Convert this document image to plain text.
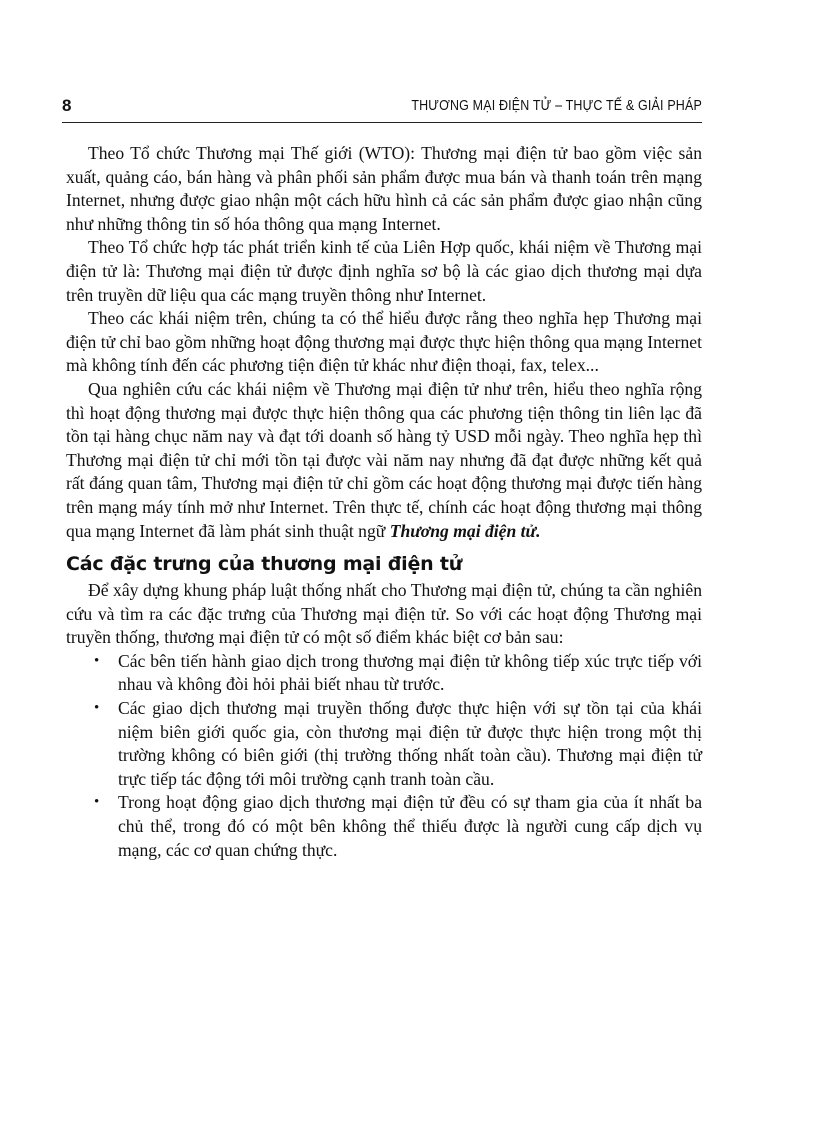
8	THƯƠNG MẠI ĐIỆN TỬ – THỰC TẾ & GIẢI PHÁP

Theo Tổ chức Thương mại Thế giới (WTO): Thương mại điện tử bao gồm việc sản xuất, quảng cáo, bán hàng và phân phối sản phẩm được mua bán và thanh toán trên mạng Internet, nhưng được giao nhận một cách hữu hình cả các sản phẩm được giao nhận cũng như những thông tin số hóa thông qua mạng Internet.

Theo Tổ chức hợp tác phát triển kinh tế của Liên Hợp quốc, khái niệm về Thương mại điện tử là: Thương mại điện tử được định nghĩa sơ bộ là các giao dịch thương mại dựa trên truyền dữ liệu qua các mạng truyền thông như Internet.

Theo các khái niệm trên, chúng ta có thể hiểu được rằng theo nghĩa hẹp Thương mại điện tử chỉ bao gồm những hoạt động thương mại được thực hiện thông qua mạng Internet mà không tính đến các phương tiện điện tử khác như điện thoại, fax, telex...

Qua nghiên cứu các khái niệm về Thương mại điện tử như trên, hiểu theo nghĩa rộng thì hoạt động thương mại được thực hiện thông qua các phương tiện thông tin liên lạc đã tồn tại hàng chục năm nay và đạt tới doanh số hàng tỷ USD mỗi ngày. Theo nghĩa hẹp thì Thương mại điện tử chỉ mới tồn tại được vài năm nay nhưng đã đạt được những kết quả rất đáng quan tâm, Thương mại điện tử chỉ gồm các hoạt động thương mại được tiến hàng trên mạng máy tính mở như Internet. Trên thực tế, chính các hoạt động thương mại thông qua mạng Internet đã làm phát sinh thuật ngữ Thương mại điện tử.

Các đặc trưng của thương mại điện tử

Để xây dựng khung pháp luật thống nhất cho Thương mại điện tử, chúng ta cần nghiên cứu và tìm ra các đặc trưng của Thương mại điện tử. So với các hoạt động Thương mại truyền thống, thương mại điện tử có một số điểm khác biệt cơ bản sau:

• Các bên tiến hành giao dịch trong thương mại điện tử không tiếp xúc trực tiếp với nhau và không đòi hỏi phải biết nhau từ trước.
• Các giao dịch thương mại truyền thống được thực hiện với sự tồn tại của khái niệm biên giới quốc gia, còn thương mại điện tử được thực hiện trong một thị trường không có biên giới (thị trường thống nhất toàn cầu). Thương mại điện tử trực tiếp tác động tới môi trường cạnh tranh toàn cầu.
• Trong hoạt động giao dịch thương mại điện tử đều có sự tham gia của ít nhất ba chủ thể, trong đó có một bên không thể thiếu được là người cung cấp dịch vụ mạng, các cơ quan chứng thực.
